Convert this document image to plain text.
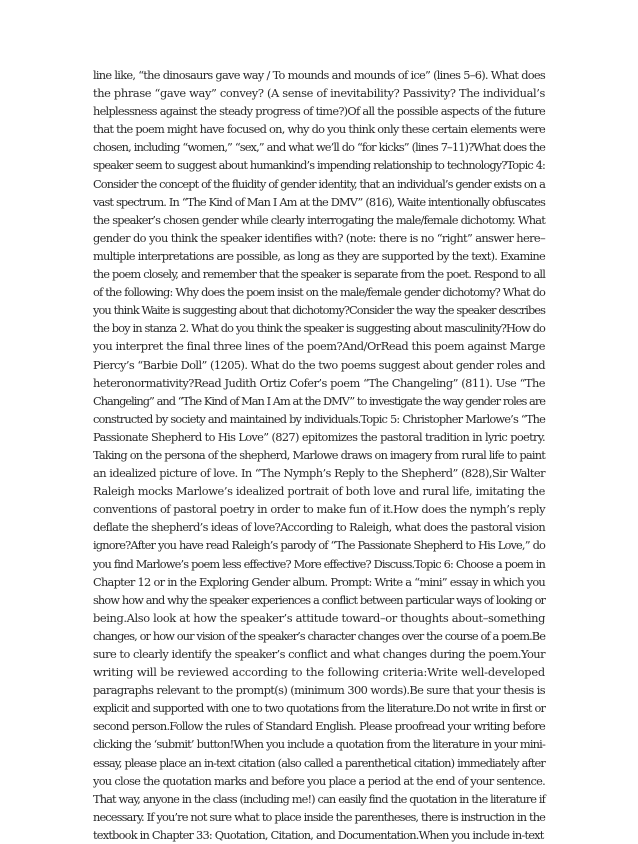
line like, “the dinosaurs gave way / To mounds and mounds of ice” (lines 5–6). What does
the phrase “gave way” convey? (A sense of inevitability? Passivity? The individual’s
helplessness against the steady progress of time?)Of all the possible aspects of the future
that the poem might have focused on, why do you think only these certain elements were
chosen, including “women,” “sex,” and what we’ll do “for kicks” (lines 7–11)?What does the
speaker seem to suggest about humankind’s impending relationship to technology?Topic 4:
Consider the concept of the fluidity of gender identity, that an individual’s gender exists on a
vast spectrum. In “The Kind of Man I Am at the DMV” (816), Waite intentionally obfuscates
the speaker’s chosen gender while clearly interrogating the male/female dichotomy. What
gender do you think the speaker identifies with? (note: there is no “right” answer here–
multiple interpretations are possible, as long as they are supported by the text). Examine
the poem closely, and remember that the speaker is separate from the poet. Respond to all
of the following: Why does the poem insist on the male/female gender dichotomy? What do
you think Waite is suggesting about that dichotomy?Consider the way the speaker describes
the boy in stanza 2. What do you think the speaker is suggesting about masculinity?How do
you interpret the final three lines of the poem?And/OrRead this poem against Marge
Piercy’s “Barbie Doll” (1205). What do the two poems suggest about gender roles and
heteronormativity?Read Judith Ortiz Cofer’s poem “The Changeling” (811). Use “The
Changeling” and “The Kind of Man I Am at the DMV” to investigate the way gender roles are
constructed by society and maintained by individuals.Topic 5: Christopher Marlowe’s “The
Passionate Shepherd to His Love” (827) epitomizes the pastoral tradition in lyric poetry.
Taking on the persona of the shepherd, Marlowe draws on imagery from rural life to paint
an idealized picture of love. In “The Nymph’s Reply to the Shepherd” (828),Sir Walter
Raleigh mocks Marlowe’s idealized portrait of both love and rural life, imitating the
conventions of pastoral poetry in order to make fun of it.How does the nymph’s reply
deflate the shepherd’s ideas of love?According to Raleigh, what does the pastoral vision
ignore?After you have read Raleigh’s parody of “The Passionate Shepherd to His Love,” do
you find Marlowe’s poem less effective? More effective? Discuss.Topic 6: Choose a poem in
Chapter 12 or in the Exploring Gender album. Prompt: Write a “mini” essay in which you
show how and why the speaker experiences a conflict between particular ways of looking or
being.Also look at how the speaker’s attitude toward–or thoughts about–something
changes, or how our vision of the speaker’s character changes over the course of a poem.Be
sure to clearly identify the speaker’s conflict and what changes during the poem.Your
writing will be reviewed according to the following criteria:Write well-developed
paragraphs relevant to the prompt(s) (minimum 300 words).Be sure that your thesis is
explicit and supported with one to two quotations from the literature.Do not write in first or
second person.Follow the rules of Standard English. Please proofread your writing before
clicking the ‘submit’ button!When you include a quotation from the literature in your mini-
essay, please place an in-text citation (also called a parenthetical citation) immediately after
you close the quotation marks and before you place a period at the end of your sentence.
That way, anyone in the class (including me!) can easily find the quotation in the literature if
necessary. If you’re not sure what to place inside the parentheses, there is instruction in the
textbook in Chapter 33: Quotation, Citation, and Documentation.When you include in-text
